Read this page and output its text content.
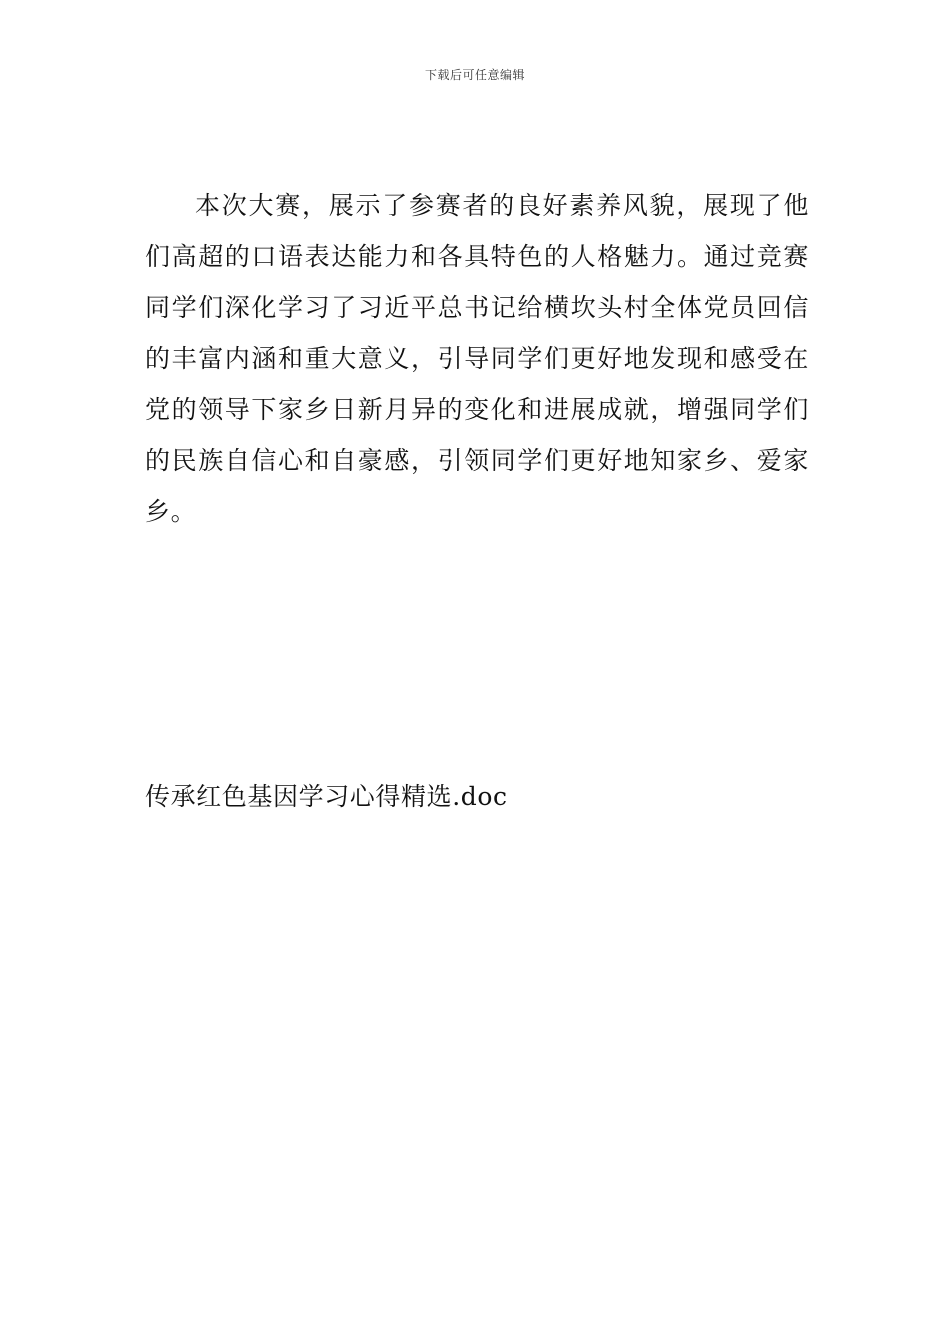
下载后可任意编辑

本次大赛，展示了参赛者的良好素养风貌，展现了他们高超的口语表达能力和各具特色的人格魅力。通过竞赛同学们深化学习了习近平总书记给横坎头村全体党员回信的丰富内涵和重大意义，引导同学们更好地发现和感受在党的领导下家乡日新月异的变化和进展成就，增强同学们的民族自信心和自豪感，引领同学们更好地知家乡、爱家乡。

传承红色基因学习心得精选.doc
